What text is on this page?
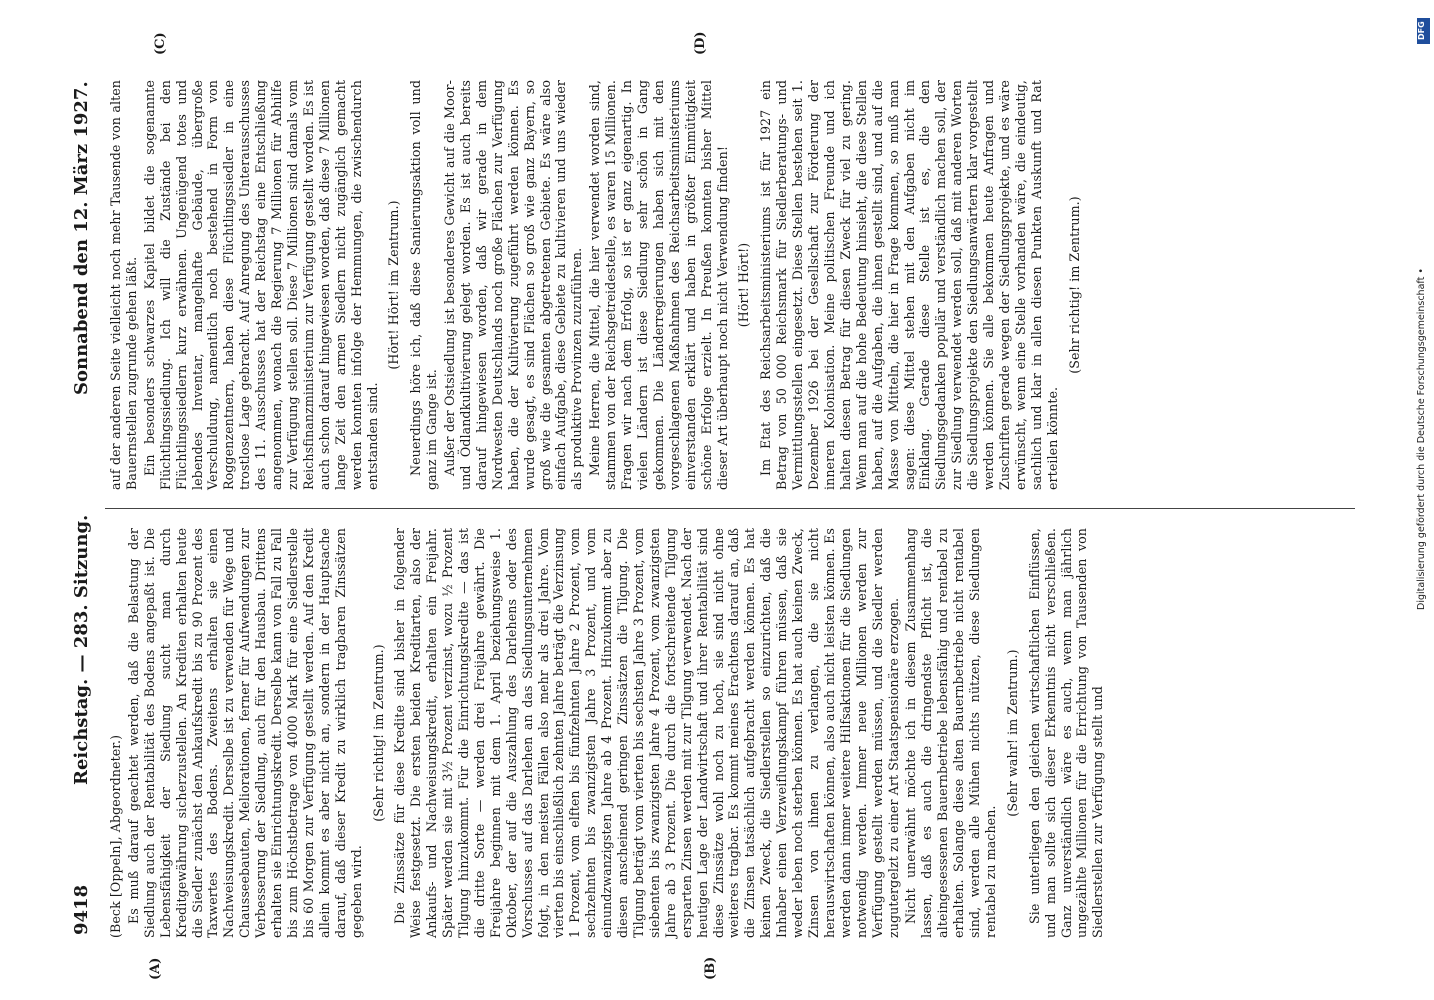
9418
Reichstag. — 283. Sitzung.
Sonnabend den 12. März 1927.
(A)	(B)
(C)	(D)

(Beck [Oppeln], Abgeordneter.) Es muß darauf geachtet werden, daß die Belastung der Siedlung auch der Rentabilität des Bodens angepaßt ist. Die Lebensfähigkeit der Siedlung sucht man durch Kreditgewährung sicherzustellen. An Krediten erhalten heute die Siedler zunächst den Ankaufskredit bis zu 90 Prozent des Taxwertes des Bodens. Zweitens erhalten sie einen Nachweisungskredit. Derselbe ist zu verwenden für Wege und Chausseebauten, Meliorationen, ferner für Aufwendungen zur Verbesserung der Siedlung, auch für den Hausbau. Drittens erhalten sie Einrichtungskredit. Derselbe kann von Fall zu Fall bis zum Höchstbetrage von 4000 Mark für eine Siedlerstelle bis 60 Morgen zur Verfügung gestellt werden. Auf den Kredit allein kommt es aber nicht an, sondern in der Hauptsache darauf, daß dieser Kredit zu wirklich tragbaren Zinssätzen gegeben wird.

(Sehr richtig! im Zentrum.) Die Zinssätze für diese Kredite sind bisher in folgender Weise festgesetzt. Die ersten beiden Kreditarten, also der Ankaufs- und Nachweisungskredit, erhalten ein Freijahr. Später werden sie mit 3½ Prozent verzinst, wozu ½ Prozent Tilgung hinzukommt. Für die Einrichtungskredite — das ist die dritte Sorte — werden drei Freijahre gewährt. Die Freijahre beginnen mit dem 1. April beziehungsweise 1. Oktober, der auf die Auszahlung des Darlehens oder des Vorschusses auf das Darlehen an das Siedlungsunternehmen folgt, in den meisten Fällen also mehr als drei Jahre. Vom vierten bis einschließlich zehnten Jahre beträgt die Verzinsung 1 Prozent, vom elften bis fünfzehnten Jahre 2 Prozent, vom sechzehnten bis zwanzigsten Jahre 3 Prozent, und vom einundzwanzigsten Jahre ab 4 Prozent. Hinzukommt aber zu diesen anscheinend geringen Zinssätzen die Tilgung. Die Tilgung beträgt vom vierten bis sechsten Jahre 3 Prozent, vom siebenten bis zwanzigsten Jahre 4 Prozent, vom zwanzigsten Jahre ab 3 Prozent. Die durch die fortschreitende Tilgung ersparten Zinsen werden mit zur Tilgung verwendet. Nach der heutigen Lage der Landwirtschaft und ihrer Rentabilität sind diese Zinssätze wohl noch zu hoch, sie sind nicht ohne weiteres tragbar. Es kommt meines Erachtens darauf an, daß die Zinsen tatsächlich aufgebracht werden können. Es hat keinen Zweck, die Siedlerstellen so einzurichten, daß die Inhaber einen Verzweiflungskampf führen müssen, daß sie weder leben noch sterben können. Es hat auch keinen Zweck, Zinsen von ihnen zu verlangen, die sie nicht herauswirtschaften können, also auch nicht leisten können. Es werden dann immer weitere Hilfsaktionen für die Siedlungen notwendig werden. Immer neue Millionen werden zur Verfügung gestellt werden müssen, und die Siedler werden zugutergelzt zu einer Art Staatspensionäre erzogen. Nicht unerwähnt möchte ich in diesem Zusammenhang lassen, daß es auch die dringendste Pflicht ist, die alteingesessenen Bauernbetriebe lebensfähig und rentabel zu erhalten. Solange diese alten Bauernbetriebe nicht rentabel sind, werden alle Mühen nichts nützen, diese Siedlungen rentabel zu machen.

(Sehr wahr! im Zentrum.) Sie unterliegen den gleichen wirtschaftlichen Einflüssen, und man sollte sich dieser Erkenntnis nicht verschließen. Ganz unverständlich wäre es auch, wenn man jährlich ungezählte Millionen für die Errichtung von Tausenden von Siedlerstellen zur Verfügung stellt und

auf der anderen Seite vielleicht noch mehr Tausende von alten Bauernstellen zugrunde gehen läßt. Ein besonders schwarzes Kapitel bildet die sogenannte Flüchtlingssiedlung. Ich will die Zustände bei den Flüchtlingssiedlern kurz erwähnen. Ungenügend totes und lebendes Inventar, mangelhafte Gebäude, übergroße Verschuldung, namentlich noch bestehend in Form von Roggenzentnern, haben diese Flüchtlingssiedler in eine trostlose Lage gebracht. Auf Anregung des Unterausschusses des 11. Ausschusses hat der Reichstag eine Entschließung angenommen, wonach die Regierung 7 Millionen für Abhilfe zur Verfügung stellen soll. Diese 7 Millionen sind damals vom Reichsfinanzministerium zur Verfügung gestellt worden. Es ist auch schon darauf hingewiesen worden, daß diese 7 Millionen lange Zeit den armen Siedlern nicht zugänglich gemacht werden konnten infolge der Hemmungen, die zwischendurch entstanden sind.

(Hört! Hört! im Zentrum.) Neuerdings höre ich, daß diese Sanierungsaktion voll und ganz im Gange ist. Außer der Ostsiedlung ist besonderes Gewicht auf die Moor- und Ödlandkultivierung gelegt worden. Es ist auch bereits darauf hingewiesen worden, daß wir gerade in dem Nordwesten Deutschlands noch große Flächen zur Verfügung haben, die der Kultivierung zugeführt werden können. Es wurde gesagt, es sind Flächen so groß wie ganz Bayern, so groß wie die gesamten abgetretenen Gebiete. Es wäre also einfach Aufgabe, diese Gebiete zu kultivieren und uns wieder als produktive Provinzen zuzuführen. Meine Herren, die Mittel, die hier verwendet worden sind, stammen von der Reichsgetreidestelle, es waren 15 Millionen. Fragen wir nach dem Erfolg, so ist er ganz eigenartig. In vielen Ländern ist diese Siedlung sehr schön in Gang gekommen. Die Länderregierungen haben sich mit den vorgeschlagenen Maßnahmen des Reichsarbeitsministeriums einverstanden erklärt und haben in größter Einmütigkeit schöne Erfolge erzielt. In Preußen konnten bisher Mittel dieser Art überhaupt noch nicht Verwendung finden! (Hört! Hört!) Im Etat des Reichsarbeitsministeriums ist für 1927 ein Betrag von 50 000 Reichsmark für Siedlerberatungs- und Vermittlungsstellen eingesetzt. Diese Stellen bestehen seit 1. Dezember 1926 bei der Gesellschaft zur Förderung der inneren Kolonisation. Meine politischen Freunde und ich halten diesen Betrag für diesen Zweck für viel zu gering. Wenn man auf die hohe Bedeutung hinsieht, die diese Stellen haben, auf die Aufgaben, die ihnen gestellt sind, und auf die Masse von Mitteln, die hier in Frage kommen, so muß man sagen: diese Mittel stehen mit den Aufgaben nicht im Einklang. Gerade diese Stelle ist es, die den Siedlungsgedanken populär und verständlich machen soll, der zur Siedlung verwendet werden soll, daß mit anderen Worten die Siedlungsprojekte den Siedlungsanwärtern klar vorgestellt werden können. Sie alle bekommen heute Anfragen und Zuschriften gerade wegen der Siedlungsprojekte, und es wäre erwünscht, wenn eine Stelle vorhanden wäre, die eindeutig, sachlich und klar in allen diesen Punkten Auskunft und Rat erteilen könnte.

(Sehr richtig! im Zentrum.)

DFG
Digitalisierung gefördert durch die Deutsche Forschungsgemeinschaft •
